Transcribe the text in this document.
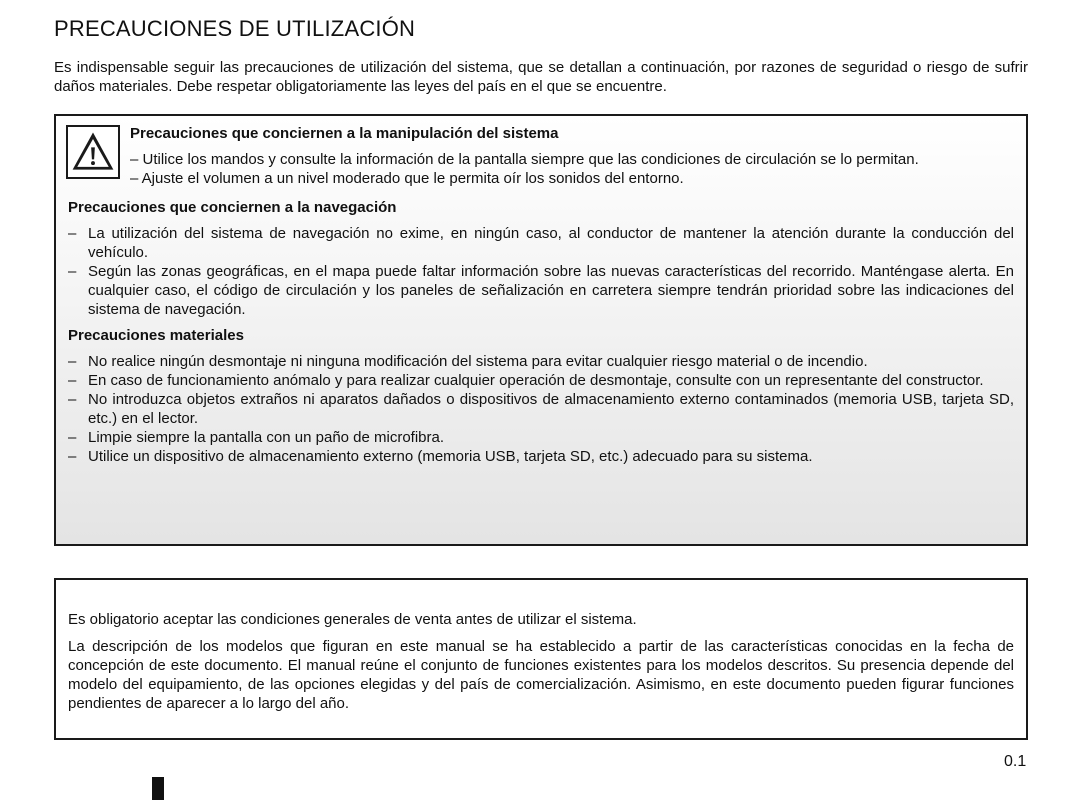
PRECAUCIONES DE UTILIZACIÓN

Es indispensable seguir las precauciones de utilización del sistema, que se detallan a continuación, por razones de seguridad o riesgo de sufrir daños materiales. Debe respetar obligatoriamente las leyes del país en el que se encuentre.

Precauciones que conciernen a la manipulación del sistema
– Utilice los mandos y consulte la información de la pantalla siempre que las condiciones de circulación se lo permitan.
– Ajuste el volumen a un nivel moderado que le permita oír los sonidos del entorno.
Precauciones que conciernen a la navegación
– La utilización del sistema de navegación no exime, en ningún caso, al conductor de mantener la atención durante la conducción del vehículo.
– Según las zonas geográficas, en el mapa puede faltar información sobre las nuevas características del recorrido. Manténgase alerta. En cualquier caso, el código de circulación y los paneles de señalización en carretera siempre tendrán prioridad sobre las indicaciones del sistema de navegación.
Precauciones materiales
– No realice ningún desmontaje ni ninguna modificación del sistema para evitar cualquier riesgo material o de incendio.
– En caso de funcionamiento anómalo y para realizar cualquier operación de desmontaje, consulte con un representante del constructor.
– No introduzca objetos extraños ni aparatos dañados o dispositivos de almacenamiento externo contaminados (memoria USB, tarjeta SD, etc.) en el lector.
– Limpie siempre la pantalla con un paño de microfibra.
– Utilice un dispositivo de almacenamiento externo (memoria USB, tarjeta SD, etc.) adecuado para su sistema.

Es obligatorio aceptar las condiciones generales de venta antes de utilizar el sistema.

La descripción de los modelos que figuran en este manual se ha establecido a partir de las características conocidas en la fecha de concepción de este documento. El manual reúne el conjunto de funciones existentes para los modelos descritos. Su presencia depende del modelo del equipamiento, de las opciones elegidas y del país de comercialización. Asimismo, en este documento pueden figurar funciones pendientes de aparecer a lo largo del año.

0.1
